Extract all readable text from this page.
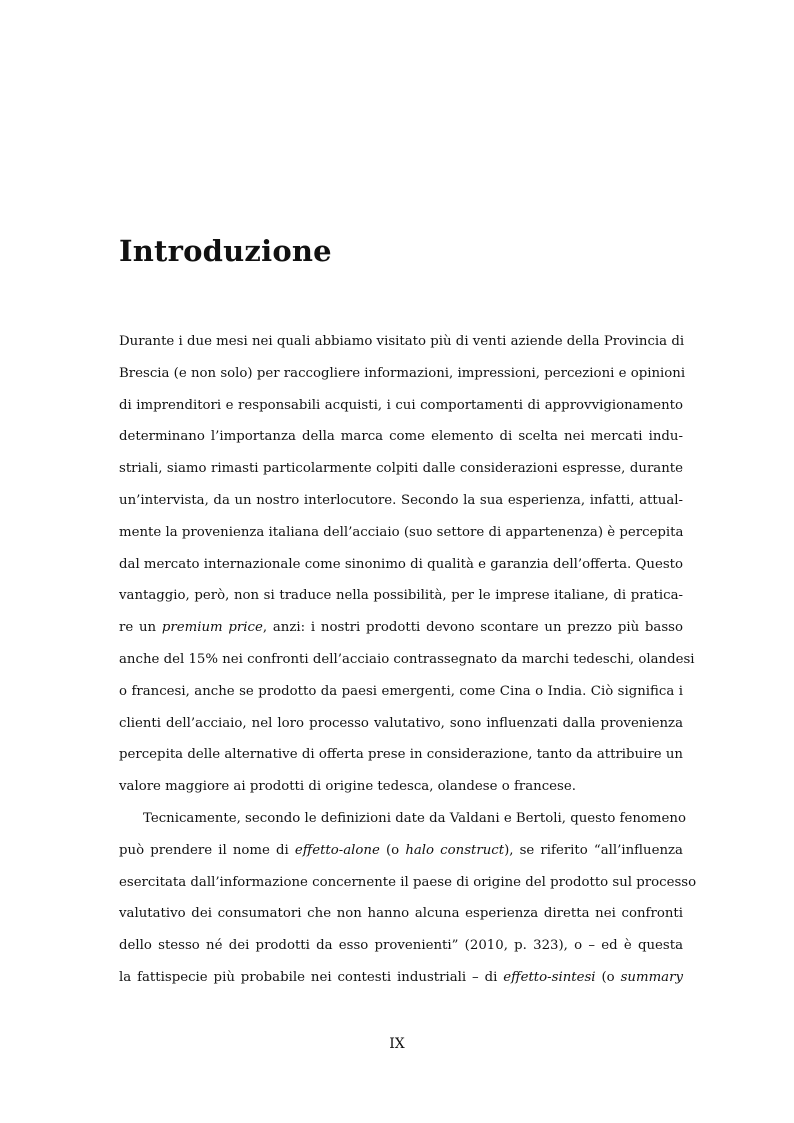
Introduzione
Durante i due mesi nei quali abbiamo visitato più di venti aziende della Provincia di
Brescia (e non solo) per raccogliere informazioni, impressioni, percezioni e opinioni
di imprenditori e responsabili acquisti, i cui comportamenti di approvvigionamento
determinano l’importanza della marca come elemento di scelta nei mercati indu-
striali, siamo rimasti particolarmente colpiti dalle considerazioni espresse, durante
un’intervista, da un nostro interlocutore. Secondo la sua esperienza, infatti, attual-
mente la provenienza italiana dell’acciaio (suo settore di appartenenza) è percepita
dal mercato internazionale come sinonimo di qualità e garanzia dell’offerta. Questo
vantaggio, però, non si traduce nella possibilità, per le imprese italiane, di pratica-
re un premium price, anzi: i nostri prodotti devono scontare un prezzo più basso
anche del 15% nei confronti dell’acciaio contrassegnato da marchi tedeschi, olandesi
o francesi, anche se prodotto da paesi emergenti, come Cina o India. Ciò significa i
clienti dell’acciaio, nel loro processo valutativo, sono influenzati dalla provenienza
percepita delle alternative di offerta prese in considerazione, tanto da attribuire un
valore maggiore ai prodotti di origine tedesca, olandese o francese.
Tecnicamente, secondo le definizioni date da Valdani e Bertoli, questo fenomeno
può prendere il nome di effetto-alone (o halo construct), se riferito “all’influenza
esercitata dall’informazione concernente il paese di origine del prodotto sul processo
valutativo dei consumatori che non hanno alcuna esperienza diretta nei confronti
dello stesso né dei prodotti da esso provenienti” (2010, p. 323), o – ed è questa
la fattispecie più probabile nei contesti industriali – di effetto-sintesi (o summary
IX
